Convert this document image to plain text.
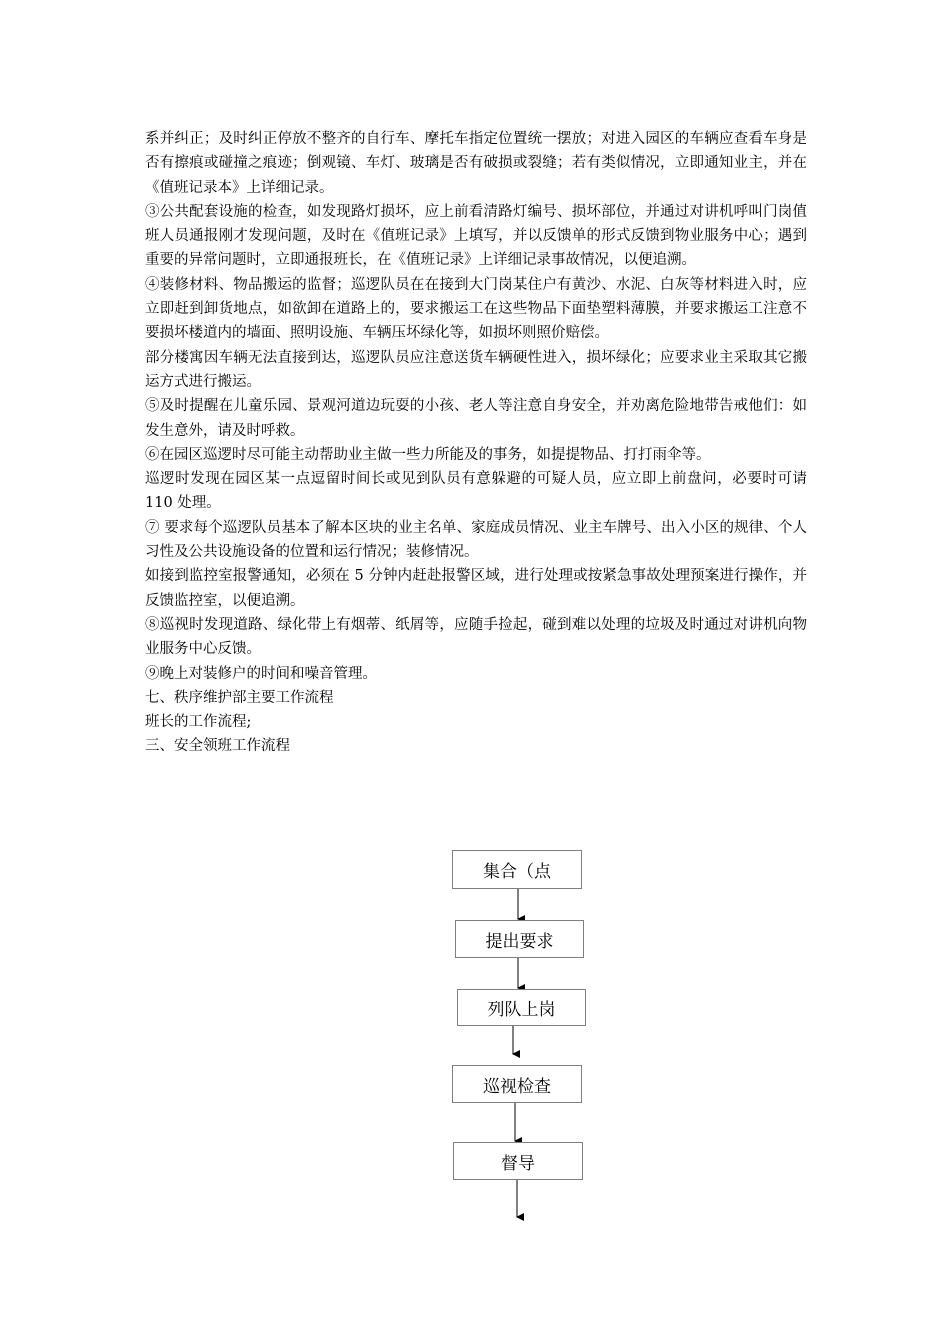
系并纠正；及时纠正停放不整齐的自行车、摩托车指定位置统一摆放；对进入园区的车辆应查看车身是否有擦痕或碰撞之痕迹；倒观镜、车灯、玻璃是否有破损或裂缝；若有类似情况，立即通知业主，并在《值班记录本》上详细记录。

③公共配套设施的检查，如发现路灯损坏，应上前看清路灯编号、损坏部位，并通过对讲机呼叫门岗值班人员通报刚才发现问题，及时在《值班记录》上填写，并以反馈单的形式反馈到物业服务中心；遇到重要的异常问题时，立即通报班长，在《值班记录》上详细记录事故情况，以便追溯。

④装修材料、物品搬运的监督；巡逻队员在在接到大门岗某住户有黄沙、水泥、白灰等材料进入时，应立即赶到卸货地点，如欲卸在道路上的，要求搬运工在这些物品下面垫塑料薄膜，并要求搬运工注意不要损坏楼道内的墙面、照明设施、车辆压坏绿化等，如损坏则照价赔偿。

部分楼寓因车辆无法直接到达，巡逻队员应注意送货车辆硬性进入，损坏绿化；应要求业主采取其它搬运方式进行搬运。

⑤及时提醒在儿童乐园、景观河道边玩耍的小孩、老人等注意自身安全，并劝离危险地带告戒他们：如发生意外，请及时呼救。

⑥在园区巡逻时尽可能主动帮助业主做一些力所能及的事务，如提提物品、打打雨伞等。

巡逻时发现在园区某一点逗留时间长或见到队员有意躲避的可疑人员，应立即上前盘问，必要时可请 110 处理。

⑦ 要求每个巡逻队员基本了解本区块的业主名单、家庭成员情况、业主车牌号、出入小区的规律、个人习性及公共设施设备的位置和运行情况；装修情况。

如接到监控室报警通知，必须在 5 分钟内赶赴报警区域，进行处理或按紧急事故处理预案进行操作，并反馈监控室，以便追溯。

⑧巡视时发现道路、绿化带上有烟蒂、纸屑等，应随手捡起，碰到难以处理的垃圾及时通过对讲机向物业服务中心反馈。

⑨晚上对装修户的时间和噪音管理。

七、秩序维护部主要工作流程

班长的工作流程;

三、安全领班工作流程

集合（点
提出要求
列队上岗
巡视检查
督导
